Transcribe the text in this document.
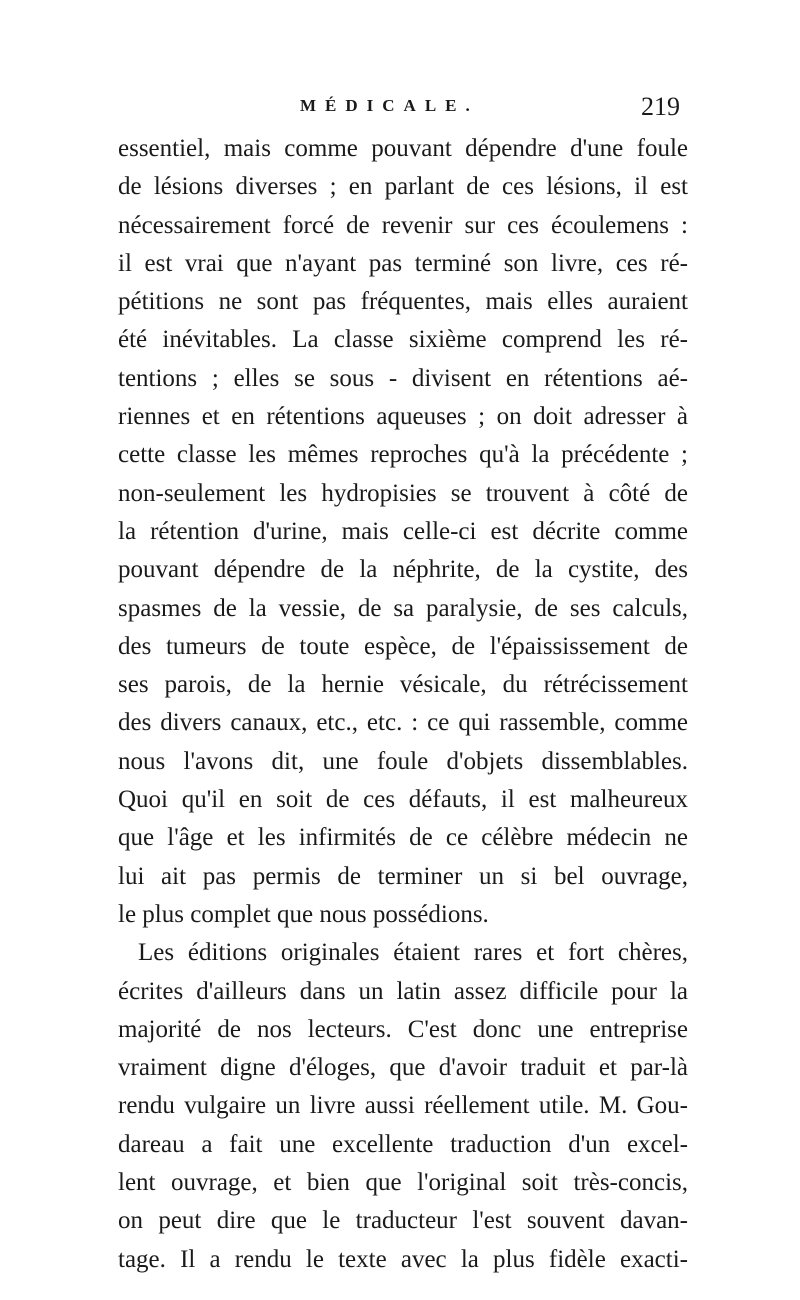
MÉDICALE.	219
essentiel, mais comme pouvant dépendre d'une foule
de lésions diverses ; en parlant de ces lésions, il est
nécessairement forcé de revenir sur ces écoulemens :
il est vrai que n'ayant pas terminé son livre, ces ré-
pétitions ne sont pas fréquentes, mais elles auraient
été inévitables. La classe sixième comprend les ré-
tentions ; elles se sous - divisent en rétentions aé-
riennes et en rétentions aqueuses ; on doit adresser à
cette classe les mêmes reproches qu'à la précédente ;
non-seulement les hydropisies se trouvent à côté de
la rétention d'urine, mais celle-ci est décrite comme
pouvant dépendre de la néphrite, de la cystite, des
spasmes de la vessie, de sa paralysie, de ses calculs,
des tumeurs de toute espèce, de l'épaississement de
ses parois, de la hernie vésicale, du rétrécissement
des divers canaux, etc., etc. : ce qui rassemble, comme
nous l'avons dit, une foule d'objets dissemblables.
Quoi qu'il en soit de ces défauts, il est malheureux
que l'âge et les infirmités de ce célèbre médecin ne
lui ait pas permis de terminer un si bel ouvrage,
le plus complet que nous possédions.
Les éditions originales étaient rares et fort chères,
écrites d'ailleurs dans un latin assez difficile pour la
majorité de nos lecteurs. C'est donc une entreprise
vraiment digne d'éloges, que d'avoir traduit et par-là
rendu vulgaire un livre aussi réellement utile. M. Gou-
dareau a fait une excellente traduction d'un excel-
lent ouvrage, et bien que l'original soit très-concis,
on peut dire que le traducteur l'est souvent davan-
tage. Il a rendu le texte avec la plus fidèle exacti-
